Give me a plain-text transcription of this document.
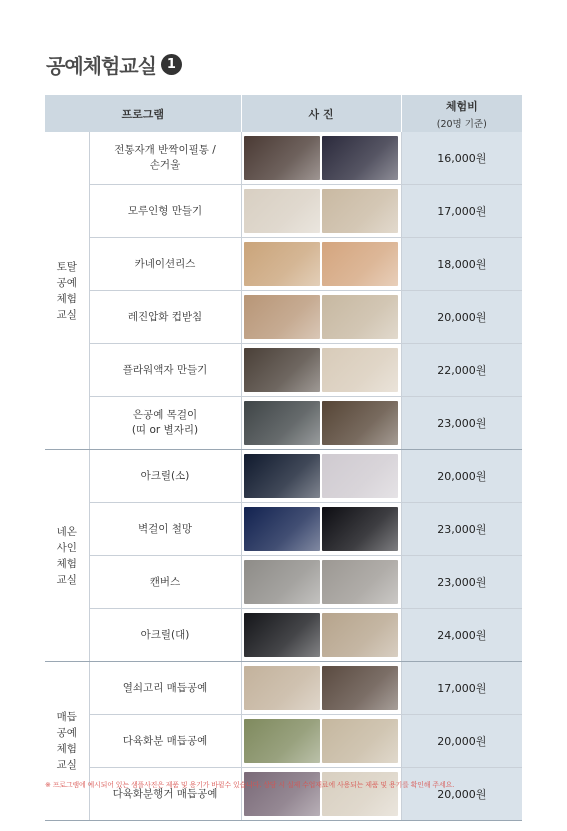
공예체험교실 1
프로그램		사 진	체험비
(20명 기준)

토탈
공예
체험
교실	전통자개 반짝이필통 /
손거울		16,000원
	모루인형 만들기		17,000원
	카네이션리스		18,000원
	레진압화 컵받침		20,000원
	플라워액자 만들기		22,000원
	은공예 목걸이
(띠 or 별자리)		23,000원
네온
사인
체험
교실	아크릴(소)		20,000원
	벽걸이 철망		23,000원
	캔버스		23,000원
	아크릴(대)		24,000원
매듭
공예
체험
교실	열쇠고리 매듭공예		17,000원
	다육화분 매듭공예		20,000원
	다육화분행거 매듭공예		20,000원
※ 프로그램에 예시되어 있는 샘플사진은 제품 및 용기가 바뀔수 있습니다. 상담 시 실제 수업재료에 사용되는 제품 및 용기를 확인해 주세요.
